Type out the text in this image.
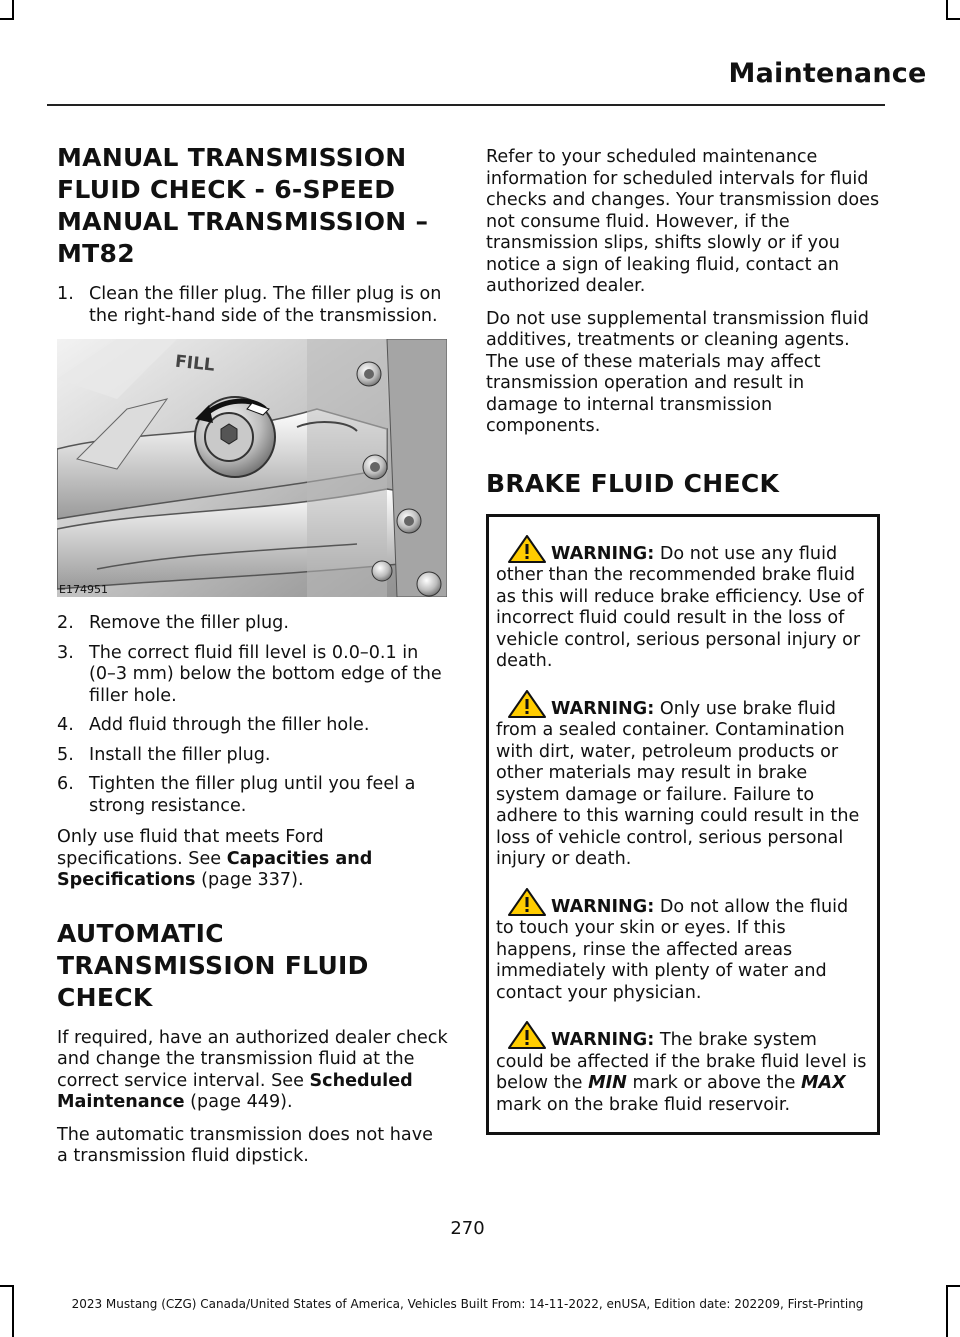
Maintenance
MANUAL TRANSMISSION FLUID CHECK - 6-SPEED MANUAL TRANSMISSION – MT82
1. Clean the filler plug. The filler plug is on the right-hand side of the transmission.
FILL
E174951
2. Remove the filler plug.
3. The correct fluid fill level is 0.0–0.1 in (0–3 mm) below the bottom edge of the filler hole.
4. Add fluid through the filler hole.
5. Install the filler plug.
6. Tighten the filler plug until you feel a strong resistance.

Only use fluid that meets Ford specifications. See Capacities and Specifications (page 337).

AUTOMATIC TRANSMISSION FLUID CHECK

If required, have an authorized dealer check and change the transmission fluid at the correct service interval. See Scheduled Maintenance (page 449).

The automatic transmission does not have a transmission fluid dipstick.

Refer to your scheduled maintenance information for scheduled intervals for fluid checks and changes. Your transmission does not consume fluid. However, if the transmission slips, shifts slowly or if you notice a sign of leaking fluid, contact an authorized dealer.

Do not use supplemental transmission fluid additives, treatments or cleaning agents. The use of these materials may affect transmission operation and result in damage to internal transmission components.

BRAKE FLUID CHECK

WARNING: Do not use any fluid other than the recommended brake fluid as this will reduce brake efficiency. Use of incorrect fluid could result in the loss of vehicle control, serious personal injury or death.

WARNING: Only use brake fluid from a sealed container. Contamination with dirt, water, petroleum products or other materials may result in brake system damage or failure. Failure to adhere to this warning could result in the loss of vehicle control, serious personal injury or death.

WARNING: Do not allow the fluid to touch your skin or eyes. If this happens, rinse the affected areas immediately with plenty of water and contact your physician.

WARNING: The brake system could be affected if the brake fluid level is below the MIN mark or above the MAX mark on the brake fluid reservoir.

270
2023 Mustang (CZG) Canada/United States of America, Vehicles Built From: 14-11-2022, enUSA, Edition date: 202209, First-Printing
